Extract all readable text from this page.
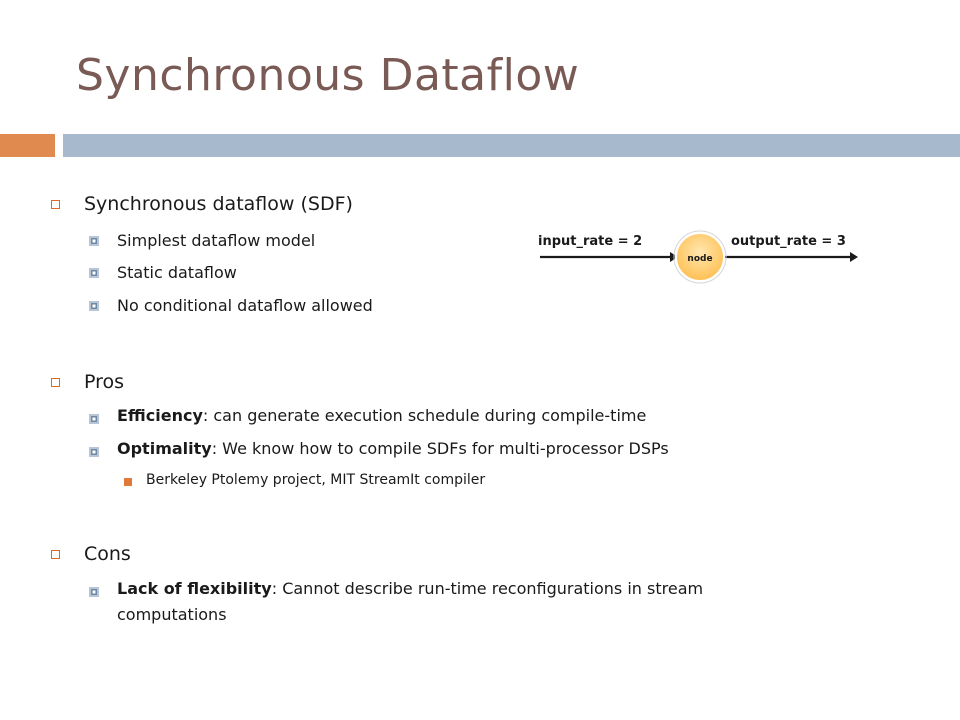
Synchronous Dataflow
Synchronous dataflow (SDF)
Simplest dataflow model
Static dataflow
No conditional dataflow allowed
node
input_rate = 2	output_rate = 3
Pros
Efficiency: can generate execution schedule during compile-time
Optimality: We know how to compile SDFs for multi-processor DSPs
Berkeley Ptolemy project, MIT StreamIt compiler
Cons
Lack of flexibility: Cannot describe run-time reconfigurations in stream
computations
